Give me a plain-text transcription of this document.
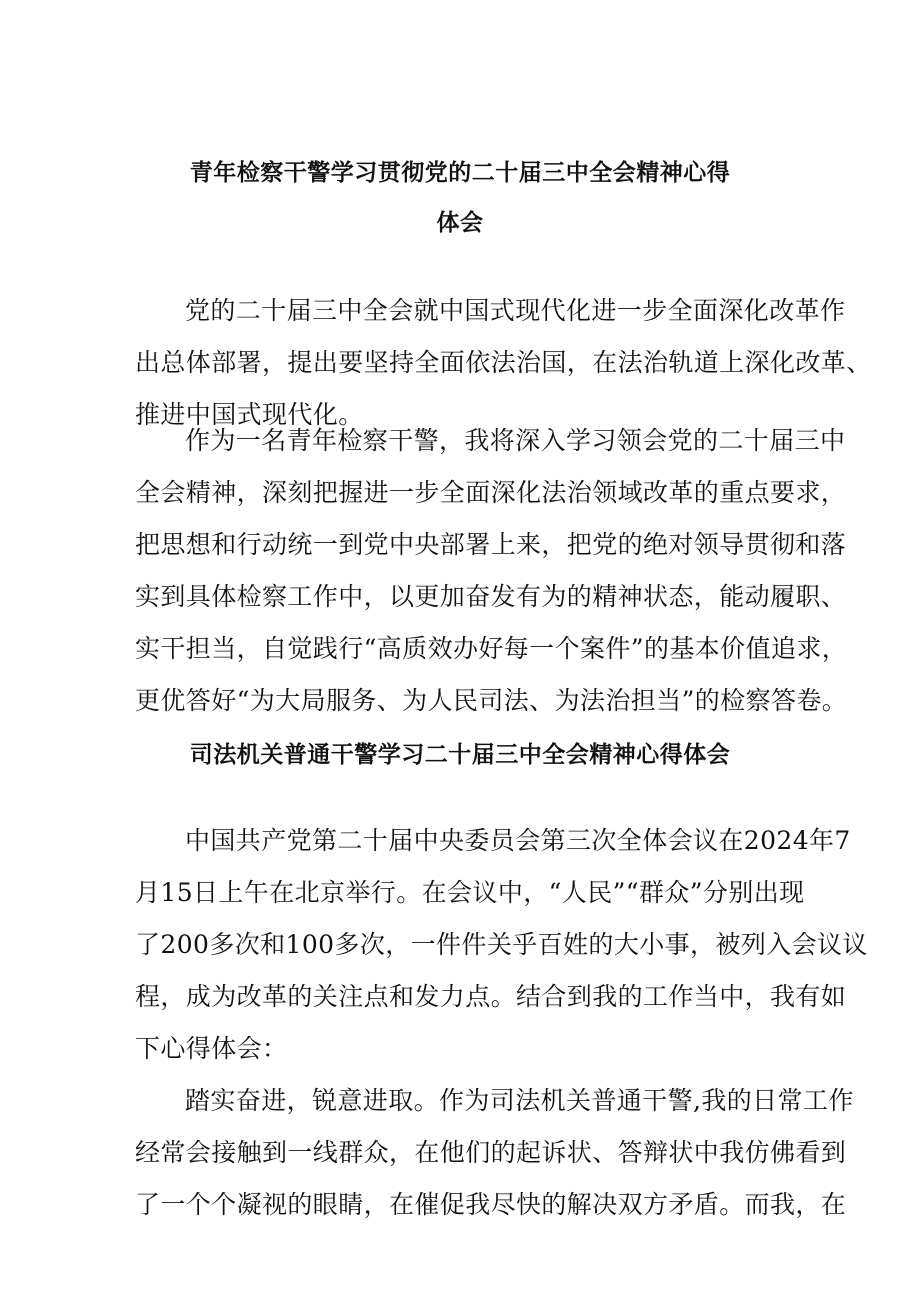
青年检察干警学习贯彻党的二十届三中全会精神心得
体会
党的二十届三中全会就中国式现代化进一步全面深化改革作
出总体部署，提出要坚持全面依法治国，在法治轨道上深化改革、
推进中国式现代化。
作为一名青年检察干警，我将深入学习领会党的二十届三中
全会精神，深刻把握进一步全面深化法治领域改革的重点要求，
把思想和行动统一到党中央部署上来，把党的绝对领导贯彻和落
实到具体检察工作中，以更加奋发有为的精神状态，能动履职、
实干担当，自觉践行“高质效办好每一个案件”的基本价值追求，
更优答好“为大局服务、为人民司法、为法治担当”的检察答卷。
司法机关普通干警学习二十届三中全会精神心得体会
中国共产党第二十届中央委员会第三次全体会议在2024年7
月15日上午在北京举行。在会议中，“人民”“群众”分别出现
了200多次和100多次，一件件关乎百姓的大小事，被列入会议议
程，成为改革的关注点和发力点。结合到我的工作当中，我有如
下心得体会：
踏实奋进，锐意进取。作为司法机关普通干警,我的日常工作
经常会接触到一线群众，在他们的起诉状、答辩状中我仿佛看到
了一个个凝视的眼睛，在催促我尽快的解决双方矛盾。而我，在
